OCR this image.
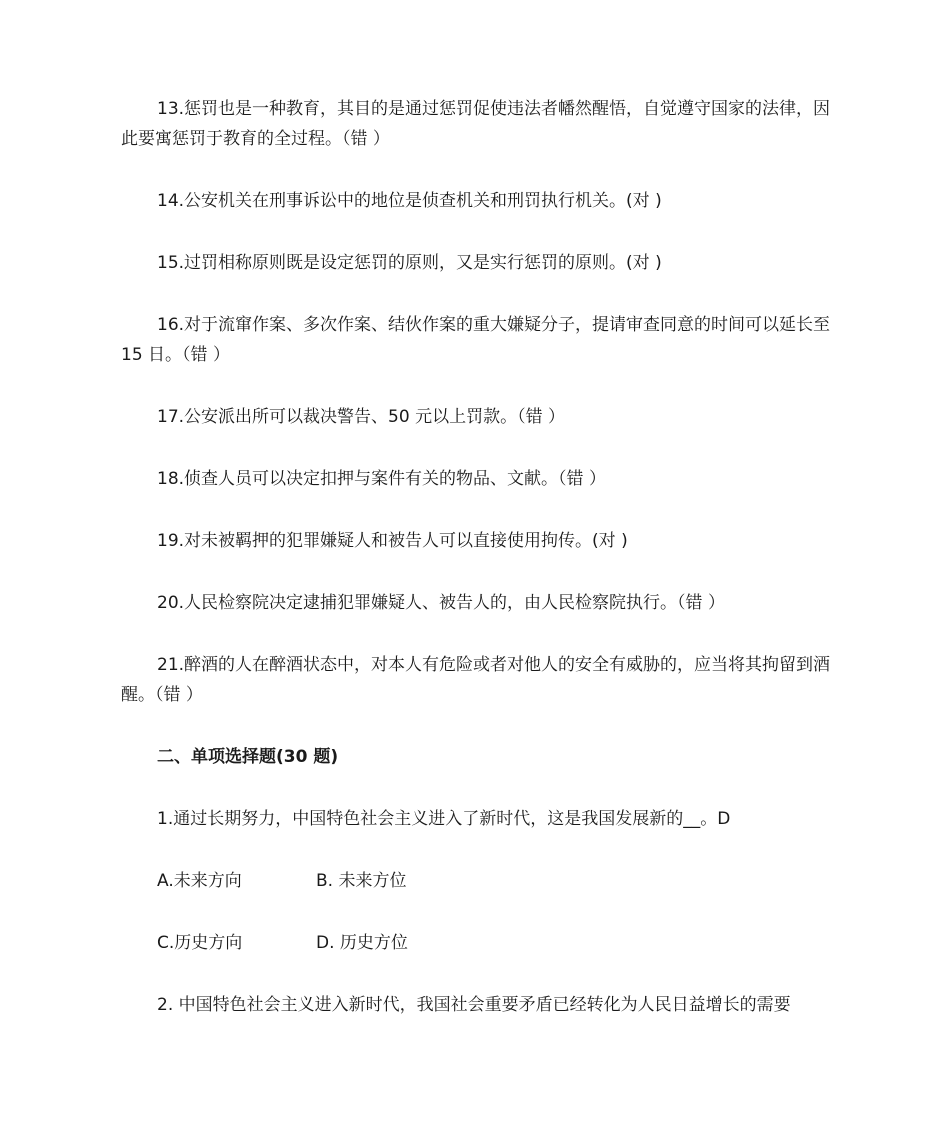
13.惩罚也是一种教育，其目的是通过惩罚促使违法者幡然醒悟，自觉遵守国家的法律，因此要寓惩罚于教育的全过程。（错 ）
14.公安机关在刑事诉讼中的地位是侦查机关和刑罚执行机关。(对 )
15.过罚相称原则既是设定惩罚的原则，又是实行惩罚的原则。(对 )
16.对于流窜作案、多次作案、结伙作案的重大嫌疑分子，提请审查同意的时间可以延长至 15 日。（错 ）
17.公安派出所可以裁决警告、50 元以上罚款。（错 ）
18.侦查人员可以决定扣押与案件有关的物品、文献。（错 ）
19.对未被羁押的犯罪嫌疑人和被告人可以直接使用拘传。(对 )
20.人民检察院决定逮捕犯罪嫌疑人、被告人的，由人民检察院执行。（错 ）
21.醉酒的人在醉酒状态中，对本人有危险或者对他人的安全有威胁的，应当将其拘留到酒醒。（错 ）
二、单项选择题(30 题)
1.通过长期努力，中国特色社会主义进入了新时代，这是我国发展新的__。D
A.未来方向	B. 未来方位
C.历史方向	D. 历史方位
2. 中国特色社会主义进入新时代，我国社会重要矛盾已经转化为人民日益增长的需要
